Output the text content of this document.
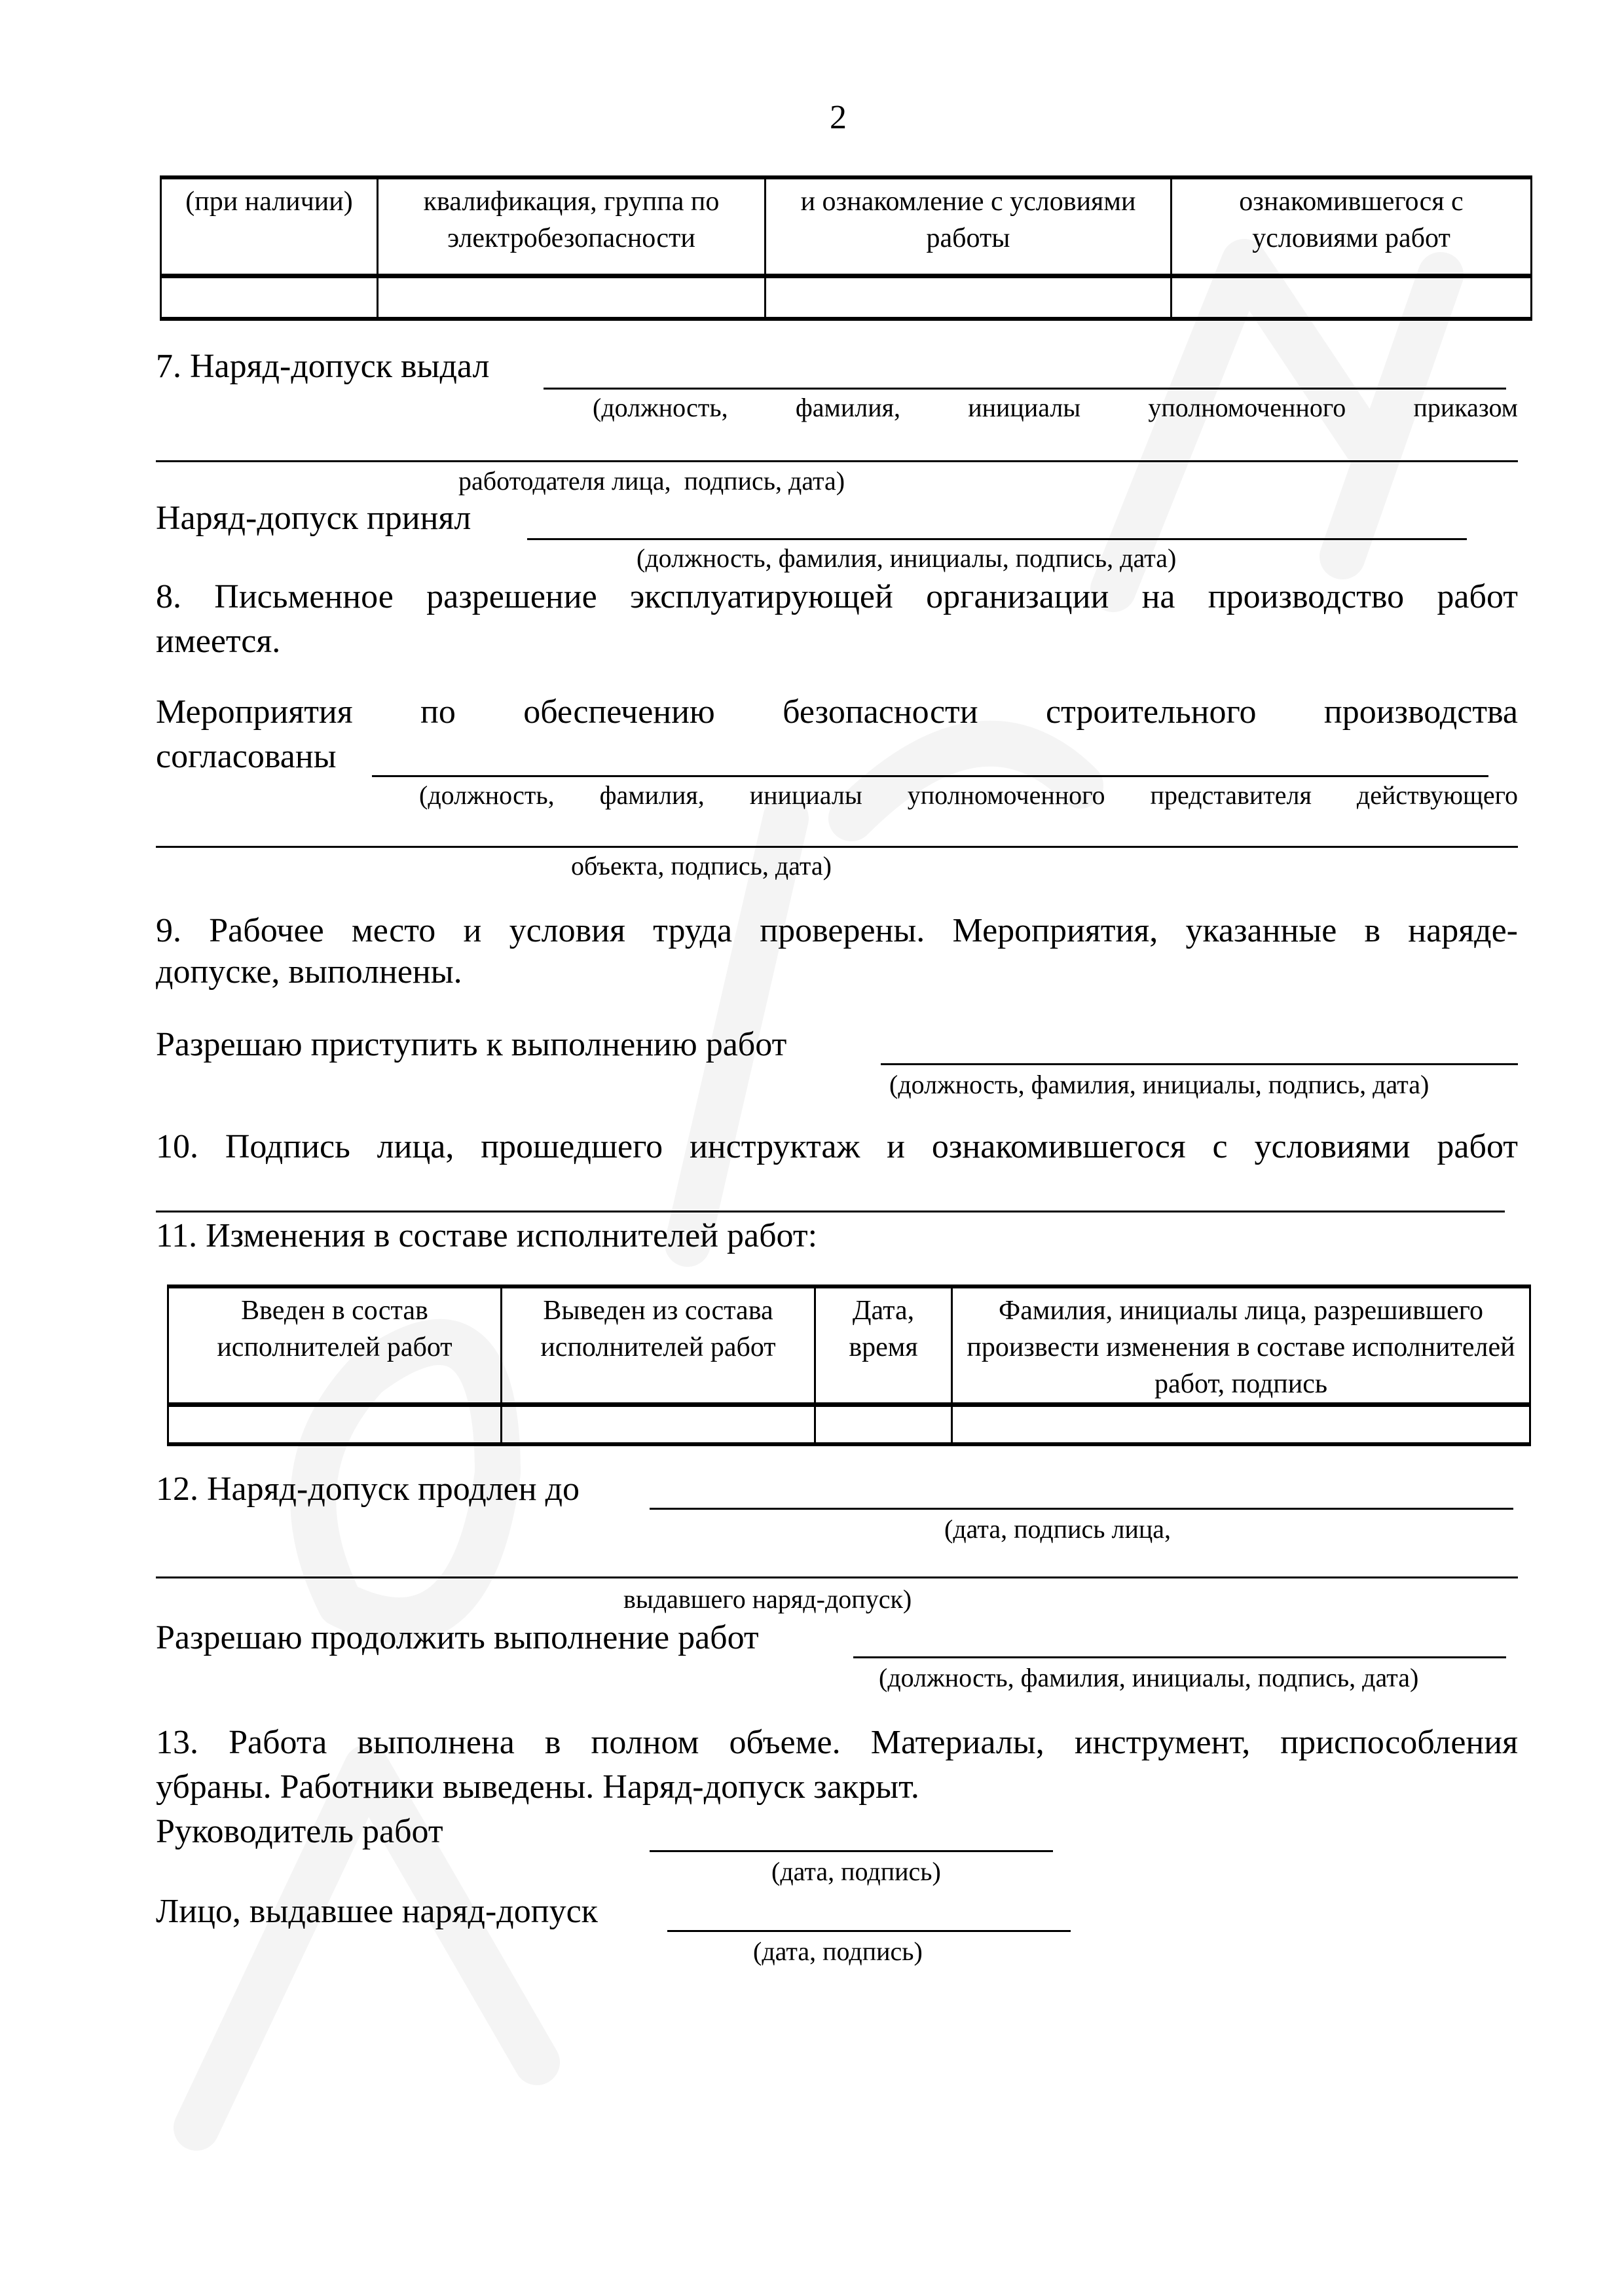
2
(при наличии)	квалификация, группа по электробезопасности	и ознакомление с условиями работы	ознакомившегося с условиями работ

7. Наряд-допуск выдал
(должность,     фамилия,     инициалы     уполномоченного     приказом
работодателя лица,  подпись, дата)
Наряд-допуск принял
(должность, фамилия, инициалы, подпись, дата)
8. Письменное разрешение эксплуатирующей организации на производство работ
имеется.
Мероприятия по обеспечению безопасности строительного производства
согласованы
(должность,  фамилия,  инициалы  уполномоченного  представителя  действующего
объекта, подпись, дата)
9. Рабочее место и условия труда проверены. Мероприятия, указанные в наряде-
допуске, выполнены.
Разрешаю приступить к выполнению работ
(должность, фамилия, инициалы, подпись, дата)
10. Подпись лица, прошедшего инструктаж и ознакомившегося с условиями работ
11. Изменения в составе исполнителей работ:
Введен в состав исполнителей работ	Выведен из состава исполнителей работ	Дата, время	Фамилия, инициалы лица, разрешившего произвести изменения в составе исполнителей работ, подпись

12. Наряд-допуск продлен до
(дата, подпись лица,
выдавшего наряд-допуск)
Разрешаю продолжить выполнение работ
(должность, фамилия, инициалы, подпись, дата)
13. Работа выполнена в полном объеме. Материалы, инструмент, приспособления
убраны. Работники выведены. Наряд-допуск закрыт.
Руководитель работ
(дата, подпись)
Лицо, выдавшее наряд-допуск
(дата, подпись)
